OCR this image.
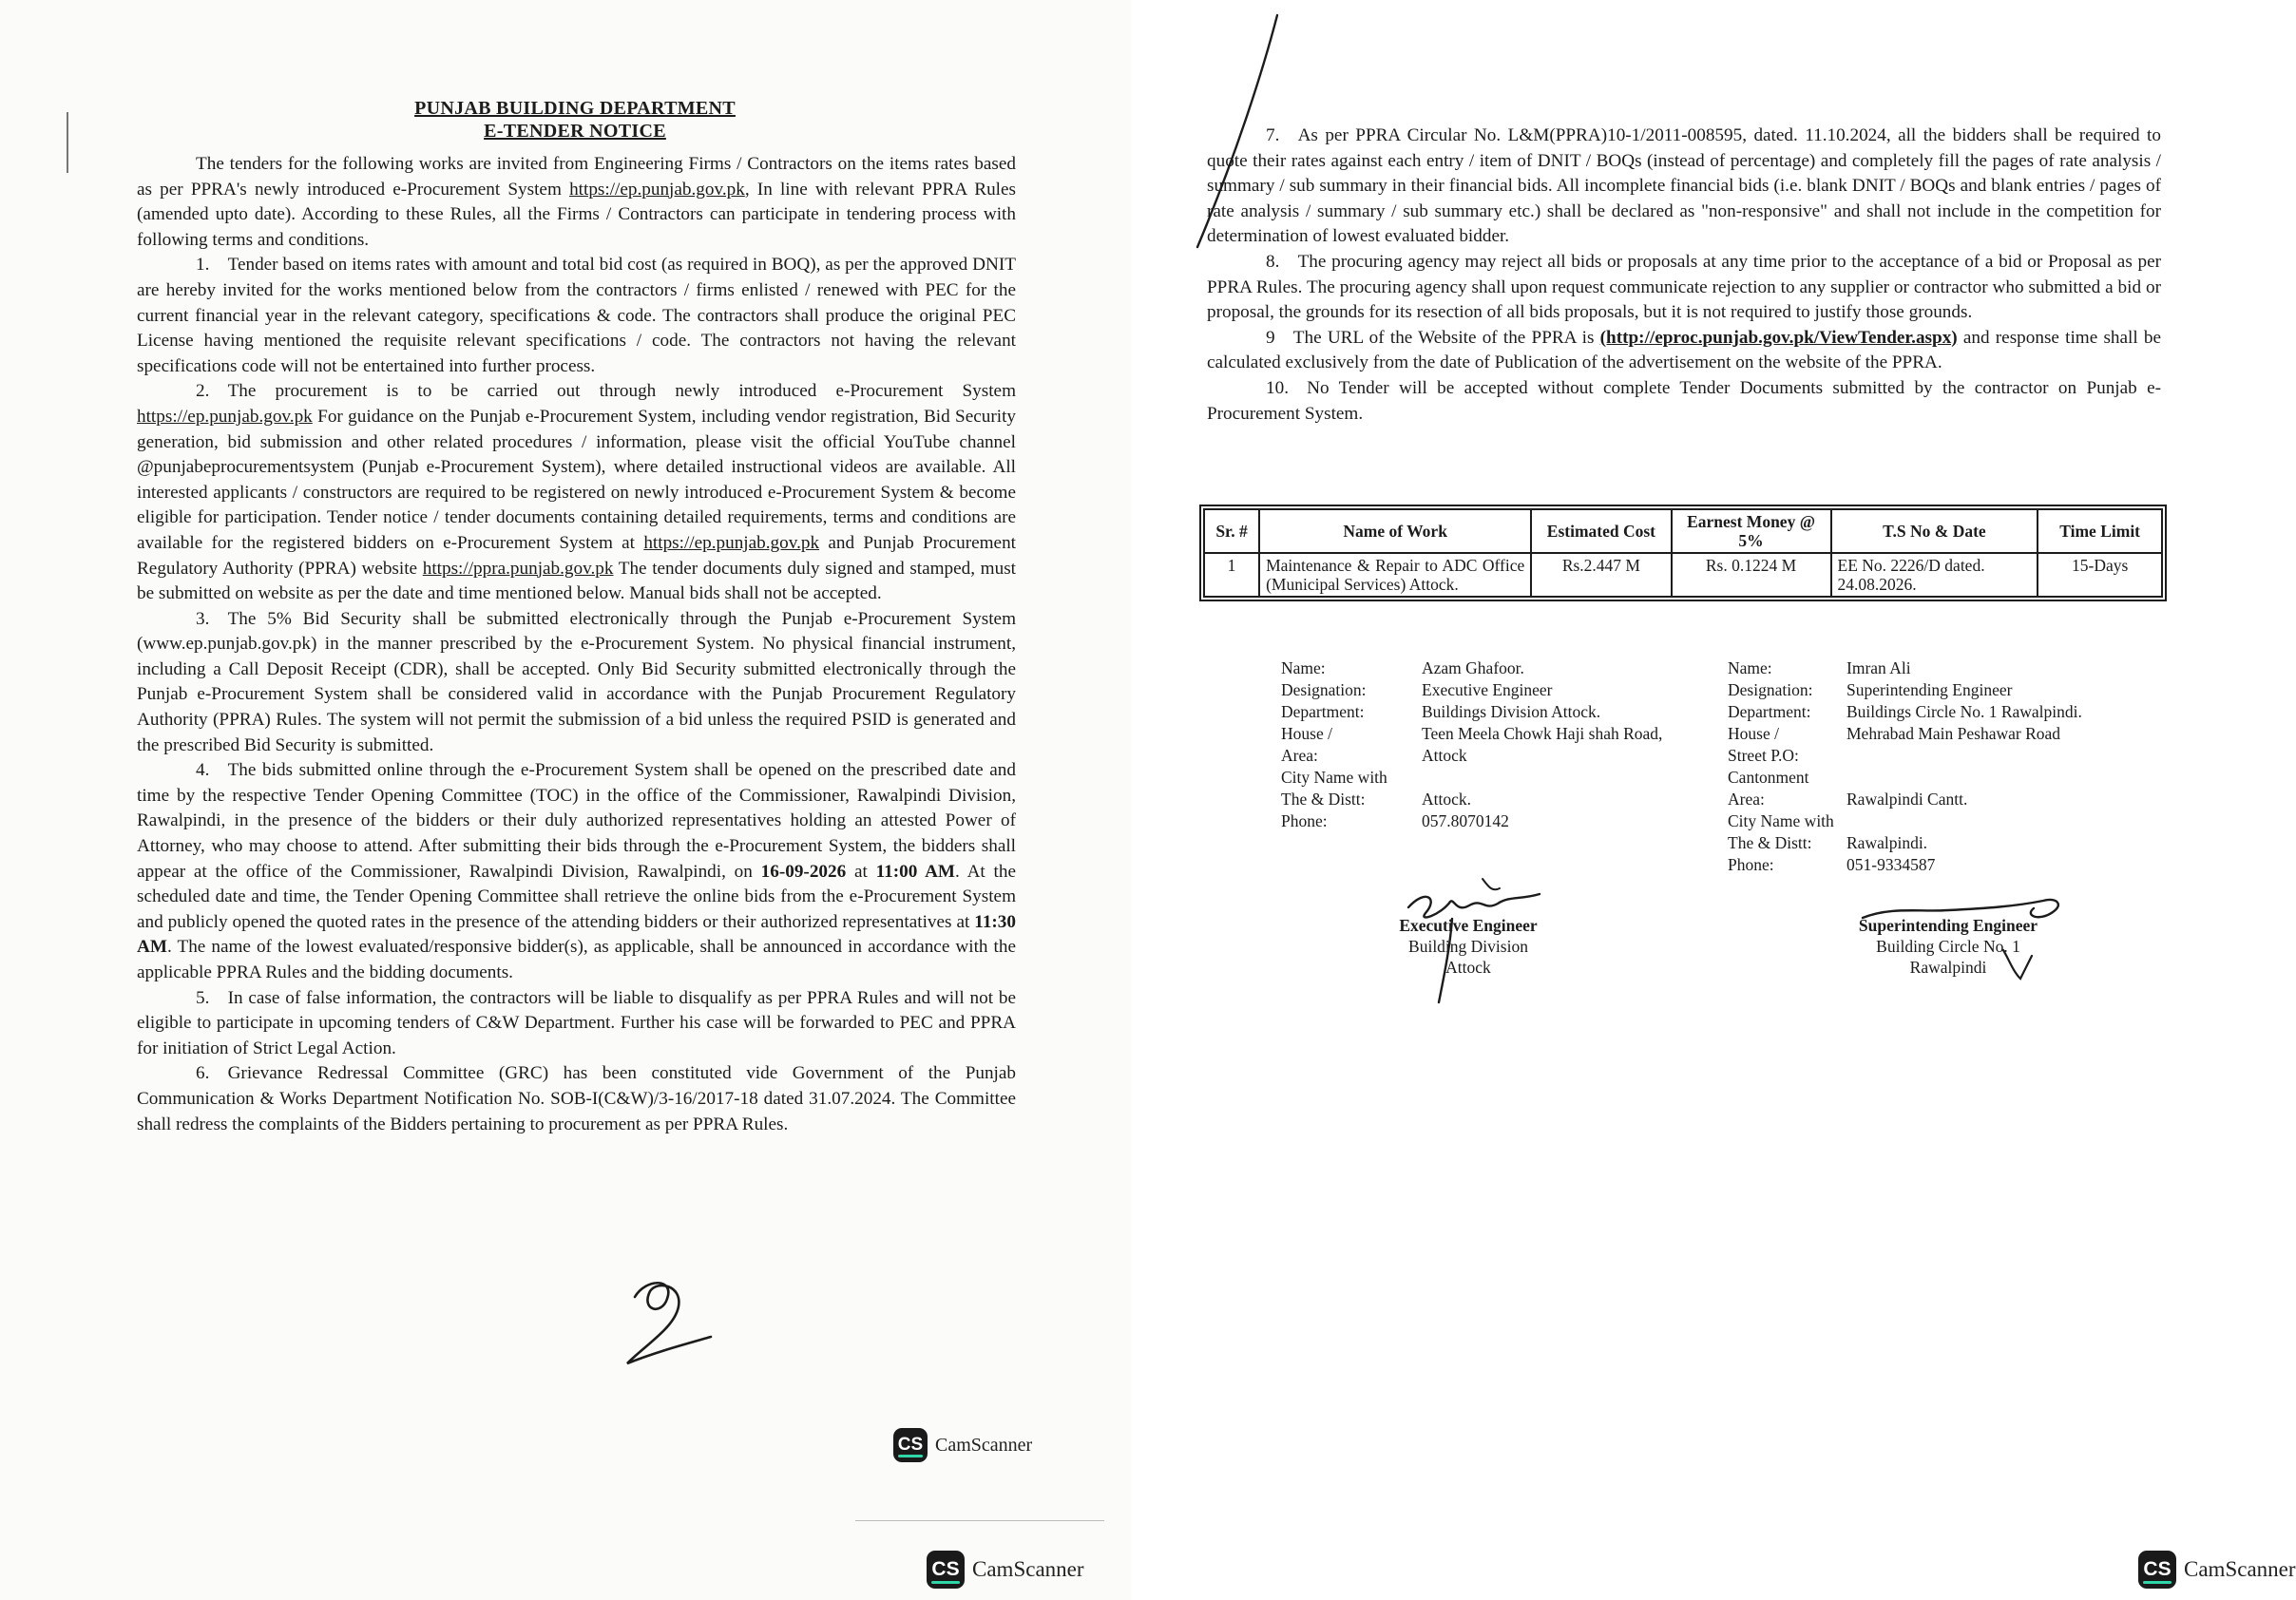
PUNJAB BUILDING DEPARTMENT
E-TENDER NOTICE

The tenders for the following works are invited from Engineering Firms / Contractors on the items rates based as per PPRA's newly introduced e-Procurement System https://ep.punjab.gov.pk, In line with relevant PPRA Rules (amended upto date). According to these Rules, all the Firms / Contractors can participate in tendering process with following terms and conditions.

1. Tender based on items rates with amount and total bid cost (as required in BOQ), as per the approved DNIT are hereby invited for the works mentioned below from the contractors / firms enlisted / renewed with PEC for the current financial year in the relevant category, specifications & code. The contractors shall produce the original PEC License having mentioned the requisite relevant specifications / code. The contractors not having the relevant specifications code will not be entertained into further process.

2. The procurement is to be carried out through newly introduced e-Procurement System https://ep.punjab.gov.pk For guidance on the Punjab e-Procurement System, including vendor registration, Bid Security generation, bid submission and other related procedures / information, please visit the official YouTube channel @punjabeprocurementsystem (Punjab e-Procurement System), where detailed instructional videos are available. All interested applicants / constructors are required to be registered on newly introduced e-Procurement System & become eligible for participation. Tender notice / tender documents containing detailed requirements, terms and conditions are available for the registered bidders on e-Procurement System at https://ep.punjab.gov.pk and Punjab Procurement Regulatory Authority (PPRA) website https://ppra.punjab.gov.pk The tender documents duly signed and stamped, must be submitted on website as per the date and time mentioned below. Manual bids shall not be accepted.

3. The 5% Bid Security shall be submitted electronically through the Punjab e-Procurement System (www.ep.punjab.gov.pk) in the manner prescribed by the e-Procurement System. No physical financial instrument, including a Call Deposit Receipt (CDR), shall be accepted. Only Bid Security submitted electronically through the Punjab e-Procurement System shall be considered valid in accordance with the Punjab Procurement Regulatory Authority (PPRA) Rules. The system will not permit the submission of a bid unless the required PSID is generated and the prescribed Bid Security is submitted.

4. The bids submitted online through the e-Procurement System shall be opened on the prescribed date and time by the respective Tender Opening Committee (TOC) in the office of the Commissioner, Rawalpindi Division, Rawalpindi, in the presence of the bidders or their duly authorized representatives holding an attested Power of Attorney, who may choose to attend. After submitting their bids through the e-Procurement System, the bidders shall appear at the office of the Commissioner, Rawalpindi Division, Rawalpindi, on 16-09-2026 at 11:00 AM. At the scheduled date and time, the Tender Opening Committee shall retrieve the online bids from the e-Procurement System and publicly opened the quoted rates in the presence of the attending bidders or their authorized representatives at 11:30 AM. The name of the lowest evaluated/responsive bidder(s), as applicable, shall be announced in accordance with the applicable PPRA Rules and the bidding documents.

5. In case of false information, the contractors will be liable to disqualify as per PPRA Rules and will not be eligible to participate in upcoming tenders of C&W Department. Further his case will be forwarded to PEC and PPRA for initiation of Strict Legal Action.

6. Grievance Redressal Committee (GRC) has been constituted vide Government of the Punjab Communication & Works Department Notification No. SOB-I(C&W)/3-16/2017-18 dated 31.07.2024. The Committee shall redress the complaints of the Bidders pertaining to procurement as per PPRA Rules.

CS CamScanner
CS CamScanner

7. As per PPRA Circular No. L&M(PPRA)10-1/2011-008595, dated. 11.10.2024, all the bidders shall be required to quote their rates against each entry / item of DNIT / BOQs (instead of percentage) and completely fill the pages of rate analysis / summary / sub summary in their financial bids. All incomplete financial bids (i.e. blank DNIT / BOQs and blank entries / pages of rate analysis / summary / sub summary etc.) shall be declared as "non-responsive" and shall not include in the competition for determination of lowest evaluated bidder.

8. The procuring agency may reject all bids or proposals at any time prior to the acceptance of a bid or Proposal as per PPRA Rules. The procuring agency shall upon request communicate rejection to any supplier or contractor who submitted a bid or proposal, the grounds for its resection of all bids proposals, but it is not required to justify those grounds.

9 The URL of the Website of the PPRA is (http://eproc.punjab.gov.pk/ViewTender.aspx) and response time shall be calculated exclusively from the date of Publication of the advertisement on the website of the PPRA.

10. No Tender will be accepted without complete Tender Documents submitted by the contractor on Punjab e-Procurement System.

Sr. #	Name of Work	Estimated Cost	Earnest Money @ 5%	T.S No & Date	Time Limit
1	Maintenance & Repair to ADC Office (Municipal Services) Attock.	Rs.2.447 M	Rs. 0.1224 M	EE No. 2226/D dated. 24.08.2026.	15-Days
Name:	Azam Ghafoor.
Designation:	Executive Engineer
Department:	Buildings Division Attock.
House /	Teen Meela Chowk Haji shah Road,
Area:	Attock
City Name with
The & Distt:	Attock.
Phone:	057.8070142
Name:	Imran Ali
Designation:	Superintending Engineer
Department:	Buildings Circle No. 1 Rawalpindi.
House /	Mehrabad Main Peshawar Road
Street P.O:
Cantonment
Area:	Rawalpindi Cantt.
City Name with
The & Distt:	Rawalpindi.
Phone:	051-9334587
Executive Engineer
Building Division
Attock
Superintending Engineer
Building Circle No. 1
Rawalpindi
CS CamScanner
